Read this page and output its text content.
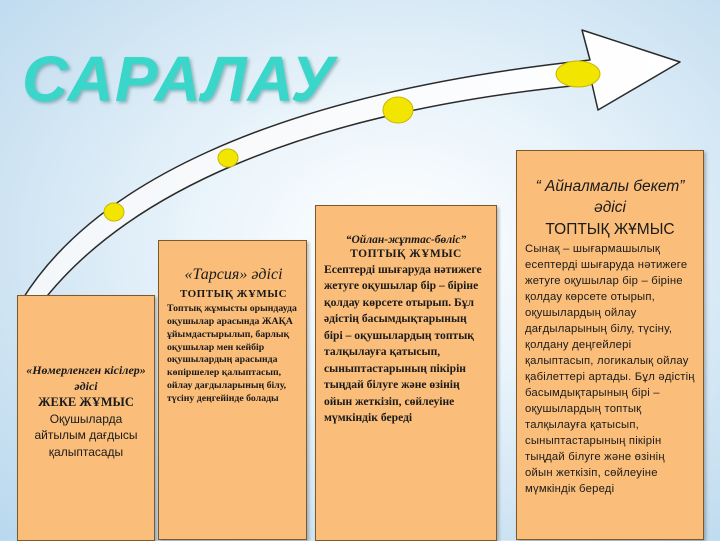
САРАЛАУ
«Нөмерленген кісілер» әдісі
ЖЕКЕ ЖҰМЫС
Оқушыларда айтылым дағдысы қалыптасады
«Тарсия» әдісі
ТОПТЫҚ ЖҰМЫС
Топтық жұмысты орындауда оқушылар арасында ЖАҚА ұйымдастырылып, барлық оқушылар мен кейбір оқушылардың арасында көпіршелер қалыптасып, ойлау дағдыларының білу, түсіну деңгейінде болады
“Ойлан-жұптас-бөліс”
ТОПТЫҚ ЖҰМЫС
Есептерді шығаруда нәтижеге жетуге оқушылар бір – біріне қолдау көрсете отырып. Бұл әдістің басымдықтарының бірі – оқушылардың топтық талқылауға қатысып, сыныптастарының пікірін тыңдай білуге және өзінің ойын жеткізіп, сөйлеуіне мүмкіндік береді
“ Айналмалы бекет” әдісі
ТОПТЫҚ ЖҰМЫС
Сынақ – шығармашылық есептерді шығаруда нәтижеге жетуге оқушылар бір – біріне қолдау көрсете отырып, оқушылардың ойлау дағдыларының білу, түсіну, қолдану деңгейлері қалыптасып, логикалық ойлау қабілеттері артады. Бұл әдістің басымдықтарының бірі – оқушылардың топтық талқылауға қатысып, сыныптастарының пікірін тыңдай білуге және өзінің ойын жеткізіп, сөйлеуіне мүмкіндік береді
